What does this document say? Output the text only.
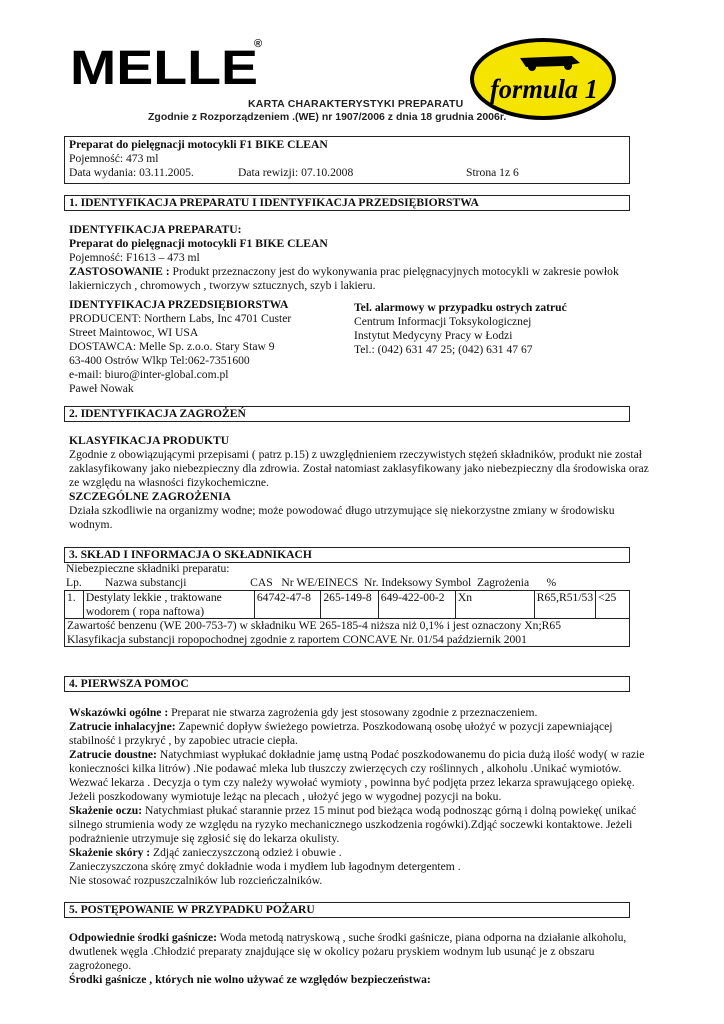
MELLE
®
formula 1
KARTA CHARAKTERYSTYKI PREPARATU
Zgodnie z Rozporządzeniem .(WE) nr 1907/2006 z dnia 18 grudnia 2006r.
Preparat do pielęgnacji motocykli F1 BIKE CLEAN
Pojemność: 473 ml
Data wydania: 03.11.2005.	Data rewizji: 07.10.2008	Strona 1z 6
1. IDENTYFIKACJA PREPARATU I IDENTYFIKACJA PRZEDSIĘBIORSTWA
IDENTYFIKACJA PREPARATU:
Preparat do pielęgnacji motocykli F1 BIKE CLEAN
Pojemność: F1613 – 473 ml
ZASTOSOWANIE : Produkt przeznaczony jest do wykonywania prac pielęgnacyjnych motocykli w zakresie powłok
lakierniczych , chromowych , tworzyw sztucznych, szyb i lakieru.
IDENTYFIKACJA PRZEDSIĘBIORSTWA
PRODUCENT: Northern Labs, Inc 4701 Custer
Street Maintowoc, WI USA
DOSTAWCA: Melle Sp. z.o.o. Stary Staw 9
63-400 Ostrów Wlkp Tel:062-7351600
e-mail: biuro@inter-global.com.pl
Paweł Nowak
Tel. alarmowy w przypadku ostrych zatruć
Centrum Informacji Toksykologicznej
Instytut Medycyny Pracy w Łodzi
Tel.: (042) 631 47 25; (042) 631 47 67
2. IDENTYFIKACJA ZAGROŻEŃ
KLASYFIKACJA PRODUKTU
Zgodnie z obowiązującymi przepisami ( patrz p.15) z uwzględnieniem rzeczywistych stężeń składników, produkt nie został
zaklasyfikowany jako niebezpieczny dla zdrowia. Został natomiast zaklasyfikowany jako niebezpieczny dla środowiska oraz
ze względu na własności fizykochemiczne.
SZCZEGÓLNE ZAGROŻENIA
Działa szkodliwie na organizmy wodne; może powodować długo utrzymujące się niekorzystne zmiany w środowisku
wodnym.
3. SKŁAD I INFORMACJA O SKŁADNIKACH
Niebezpieczne składniki preparatu:
Lp.        Nazwa substancji                      CAS   Nr WE/EINECS  Nr. Indeksowy Symbol  Zagrożenia      %
1.	Destylaty lekkie , traktowane
wodorem ( ropa naftowa)
	64742-47-8	265-149-8	649-422-00-2	Xn	R65,R51/53	<25

Zawartość benzenu (WE 200-753-7) w składniku WE 265-185-4 niższa niż 0,1% i jest oznaczony Xn;R65
Klasyfikacja substancji ropopochodnej zgodnie z raportem CONCAVE Nr. 01/54 październik 2001
4. PIERWSZA POMOC
Wskazówki ogólne : Preparat nie stwarza zagrożenia gdy jest stosowany zgodnie z przeznaczeniem.
Zatrucie inhalacyjne: Zapewnić dopływ świeżego powietrza. Poszkodowaną osobę ułożyć w pozycji zapewniającej
stabilność i przykryć , by zapobiec utracie ciepła.
Zatrucie doustne: Natychmiast wypłukać dokładnie jamę ustną Podać poszkodowanemu do picia dużą ilość wody( w razie
konieczności kilka litrów) .Nie podawać mleka lub tłuszczy zwierzęcych czy roślinnych , alkoholu .Unikać wymiotów.
Wezwać lekarza . Decyzja o tym czy należy wywołać wymioty , powinna być podjęta przez lekarza sprawującego opiekę.
Jeżeli poszkodowany wymiotuje leżąc na plecach , ułożyć jego w wygodnej pozycji na boku.
Skażenie oczu: Natychmiast płukać starannie przez 15 minut pod bieżąca wodą podnosząc górną i dolną powiekę( unikać
silnego strumienia wody ze względu na ryzyko mechanicznego uszkodzenia rogówki).Zdjąć soczewki kontaktowe. Jeżeli
podrażnienie utrzymuje się zgłosić się do lekarza okulisty.
Skażenie skóry : Zdjąć zanieczyszczoną odzież i obuwie .
Zanieczyszczona skórę zmyć dokładnie woda i mydłem lub łagodnym detergentem .
Nie stosować rozpuszczalników lub rozcieńczalników.
5. POSTĘPOWANIE W PRZYPADKU POŻARU
Odpowiednie środki gaśnicze: Woda metodą natryskową , suche środki gaśnicze, piana odporna na działanie alkoholu,
dwutlenek węgla .Chłodzić preparaty znajdujące się w okolicy pożaru pryskiem wodnym lub usunąć je z obszaru
zagrożonego.
Środki gaśnicze , których nie wolno używać ze względów bezpieczeństwa:
